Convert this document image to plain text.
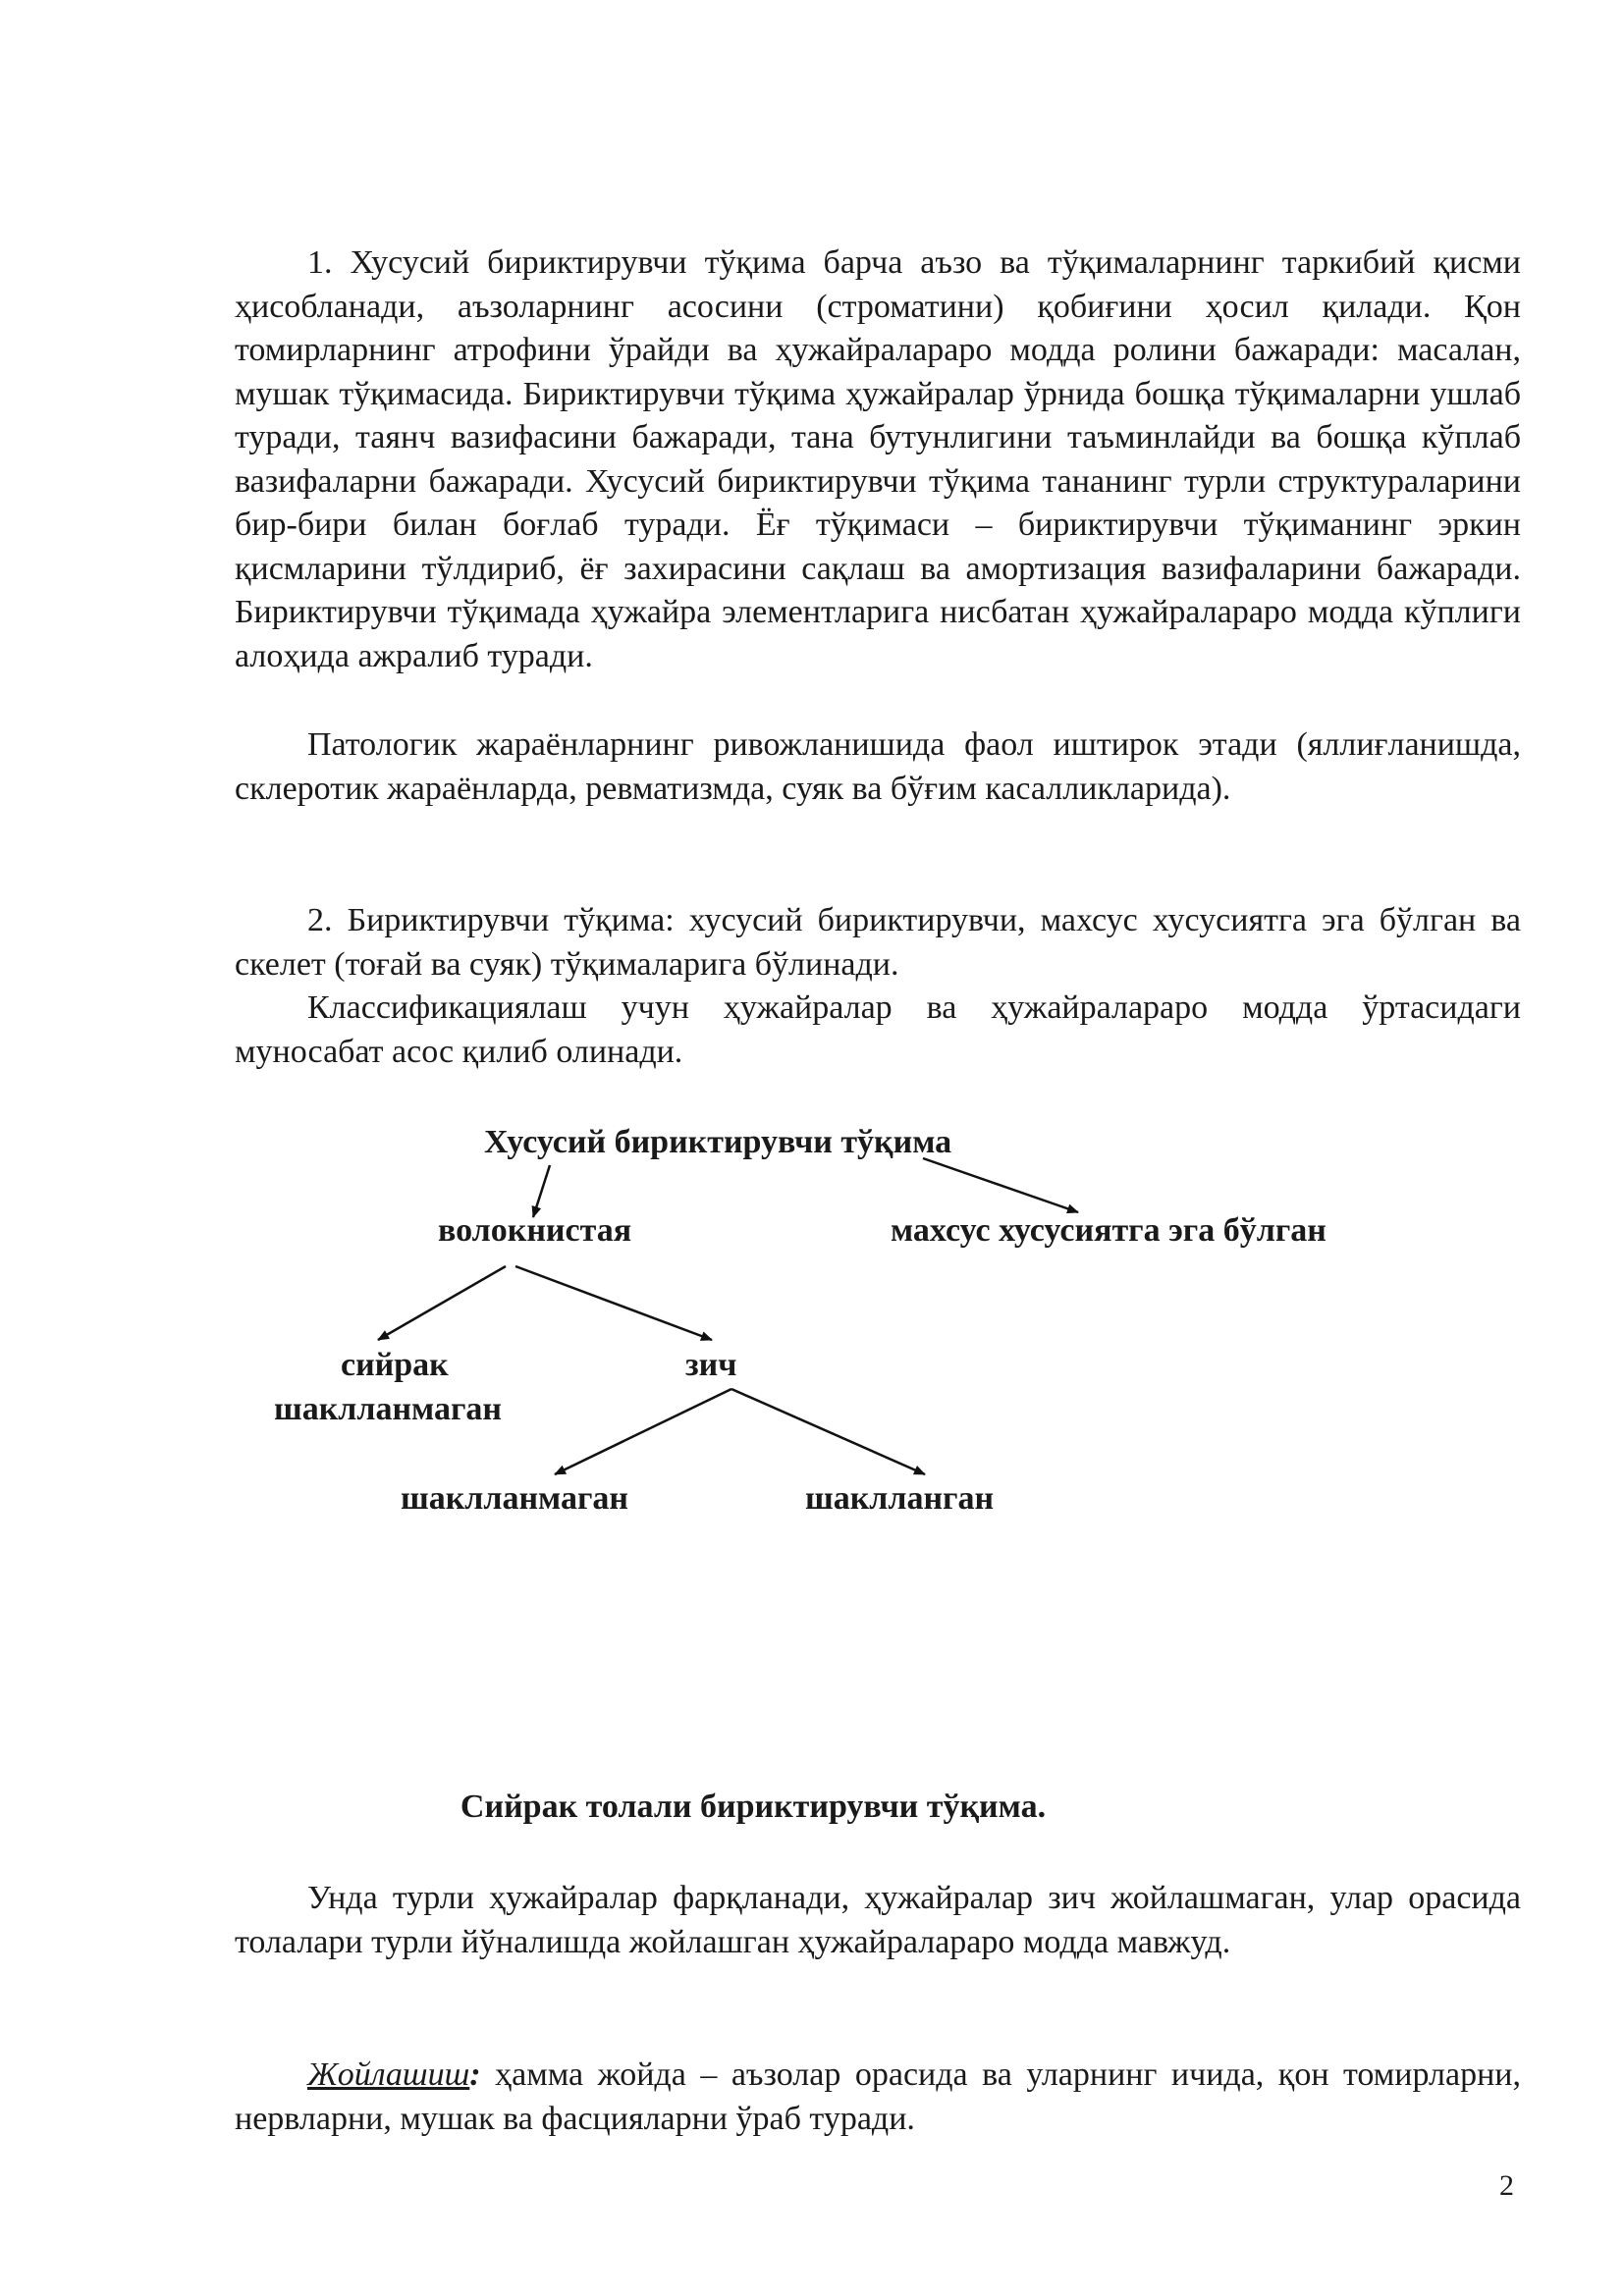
1. Хусусий бириктирувчи тўқима барча аъзо ва тўқималарнинг таркибий қисми ҳисобланади, аъзоларнинг асосини (строматини) қобиғини ҳосил қилади. Қон томирларнинг атрофини ўрайди ва ҳужайралараро модда ролини бажаради: масалан, мушак тўқимасида. Бириктирувчи тўқима ҳужайралар ўрнида бошқа тўқималарни ушлаб туради, таянч вазифасини бажаради, тана бутунлигини таъминлайди ва бошқа кўплаб вазифаларни бажаради. Хусусий бириктирувчи тўқима тананинг турли структураларини бир-бири билан боғлаб туради. Ёғ тўқимаси – бириктирувчи тўқиманинг эркин қисмларини тўлдириб, ёғ захирасини сақлаш ва амортизация вазифаларини бажаради. Бириктирувчи тўқимада ҳужайра элементларига нисбатан ҳужайралараро модда кўплиги алоҳида ажралиб туради.

Патологик жараёнларнинг ривожланишида фаол иштирок этади (яллиғланишда, склеротик жараёнларда, ревматизмда, суяк ва бўғим касалликларида).

2. Бириктирувчи тўқима: хусусий бириктирувчи, махсус хусусиятга эга бўлган ва скелет (тоғай ва суяк) тўқималарига бўлинади.

Классификациялаш учун ҳужайралар ва ҳужайралараро модда ўртасидаги муносабат асос қилиб олинади.

Хусусий бириктирувчи тўқима

волокнистая	махсус хусусиятга эга бўлган

сийрак

шаклланмаган

зич

шаклланмаган	шаклланган

Сийрак толали бириктирувчи тўқима.

Унда турли ҳужайралар фарқланади, ҳужайралар зич жойлашмаган, улар орасида толалари турли йўналишда жойлашган ҳужайралараро модда мавжуд.

Жойлашиш: ҳамма жойда – аъзолар орасида ва уларнинг ичида, қон томирларни, нервларни, мушак ва фасцияларни ўраб туради.

2
